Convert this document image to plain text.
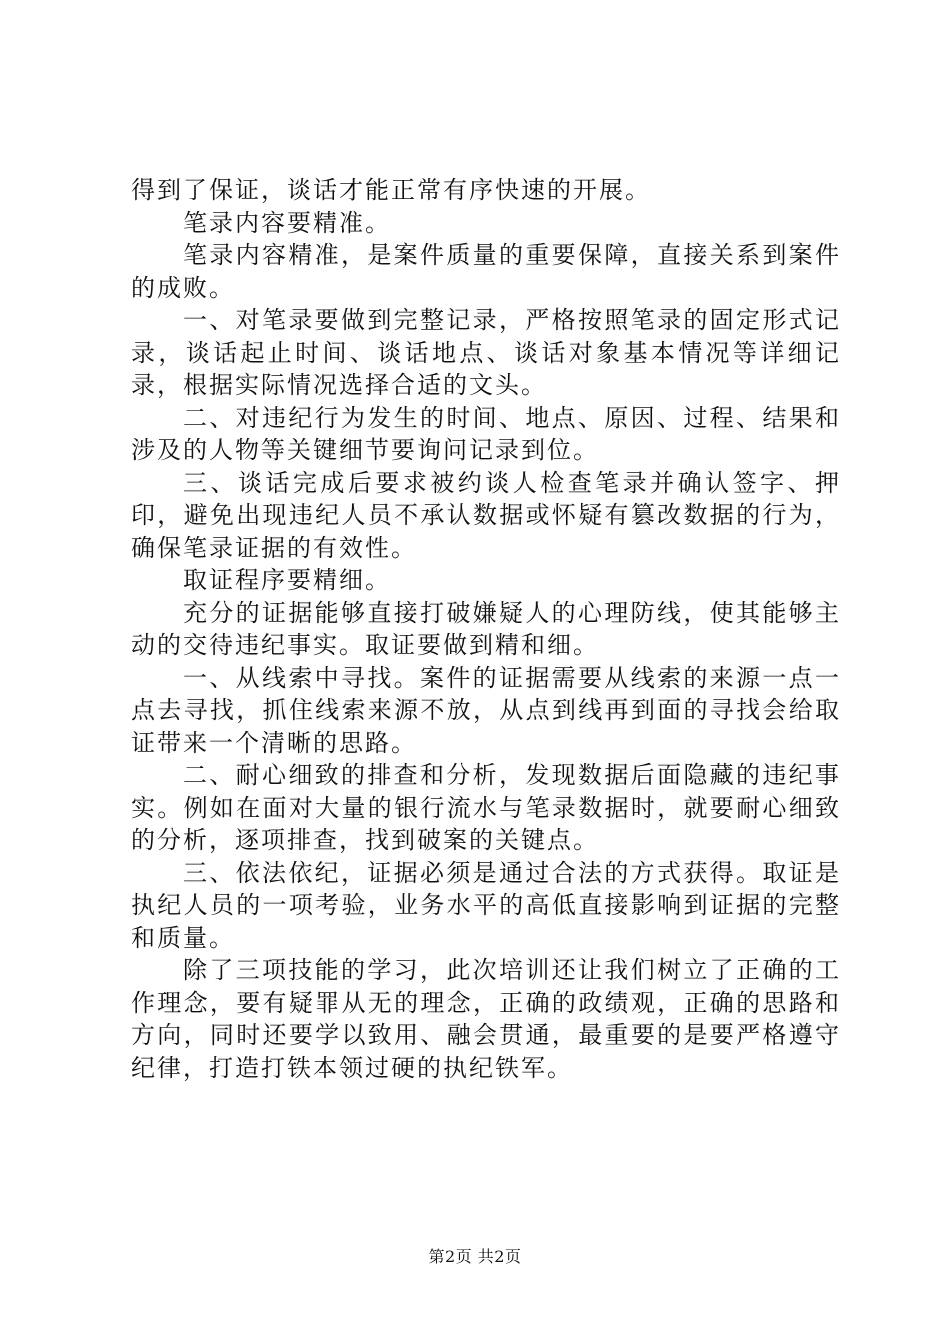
得到了保证，谈话才能正常有序快速的开展。

笔录内容要精准。

笔录内容精准，是案件质量的重要保障，直接关系到案件的成败。

一、对笔录要做到完整记录，严格按照笔录的固定形式记录，谈话起止时间、谈话地点、谈话对象基本情况等详细记录，根据实际情况选择合适的文头。

二、对违纪行为发生的时间、地点、原因、过程、结果和涉及的人物等关键细节要询问记录到位。

三、谈话完成后要求被约谈人检查笔录并确认签字、押印，避免出现违纪人员不承认数据或怀疑有篡改数据的行为，确保笔录证据的有效性。

取证程序要精细。

充分的证据能够直接打破嫌疑人的心理防线，使其能够主动的交待违纪事实。取证要做到精和细。

一、从线索中寻找。案件的证据需要从线索的来源一点一点去寻找，抓住线索来源不放，从点到线再到面的寻找会给取证带来一个清晰的思路。

二、耐心细致的排查和分析，发现数据后面隐藏的违纪事实。例如在面对大量的银行流水与笔录数据时，就要耐心细致的分析，逐项排查，找到破案的关键点。

三、依法依纪，证据必须是通过合法的方式获得。取证是执纪人员的一项考验，业务水平的高低直接影响到证据的完整和质量。

除了三项技能的学习，此次培训还让我们树立了正确的工作理念，要有疑罪从无的理念，正确的政绩观，正确的思路和方向，同时还要学以致用、融会贯通，最重要的是要严格遵守纪律，打造打铁本领过硬的执纪铁军。

第2页 共2页
